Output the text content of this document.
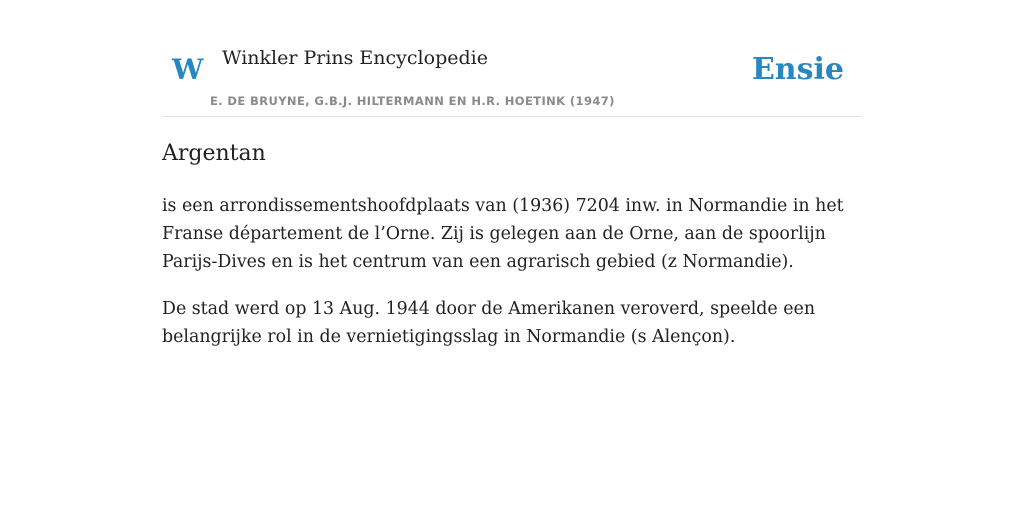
W Winkler Prins Encyclopedie
E. DE BRUYNE, G.B.J. HILTERMANN EN H.R. HOETINK (1947)
Ensie
Argentan

is een arrondissementshoofdplaats van (1936) 7204 inw. in Normandie in het Franse département de l’Orne. Zij is gelegen aan de Orne, aan de spoorlijn Parijs-Dives en is het centrum van een agrarisch gebied (z Normandie).

De stad werd op 13 Aug. 1944 door de Amerikanen veroverd, speelde een belangrijke rol in de vernietigingsslag in Normandie (s Alençon).
